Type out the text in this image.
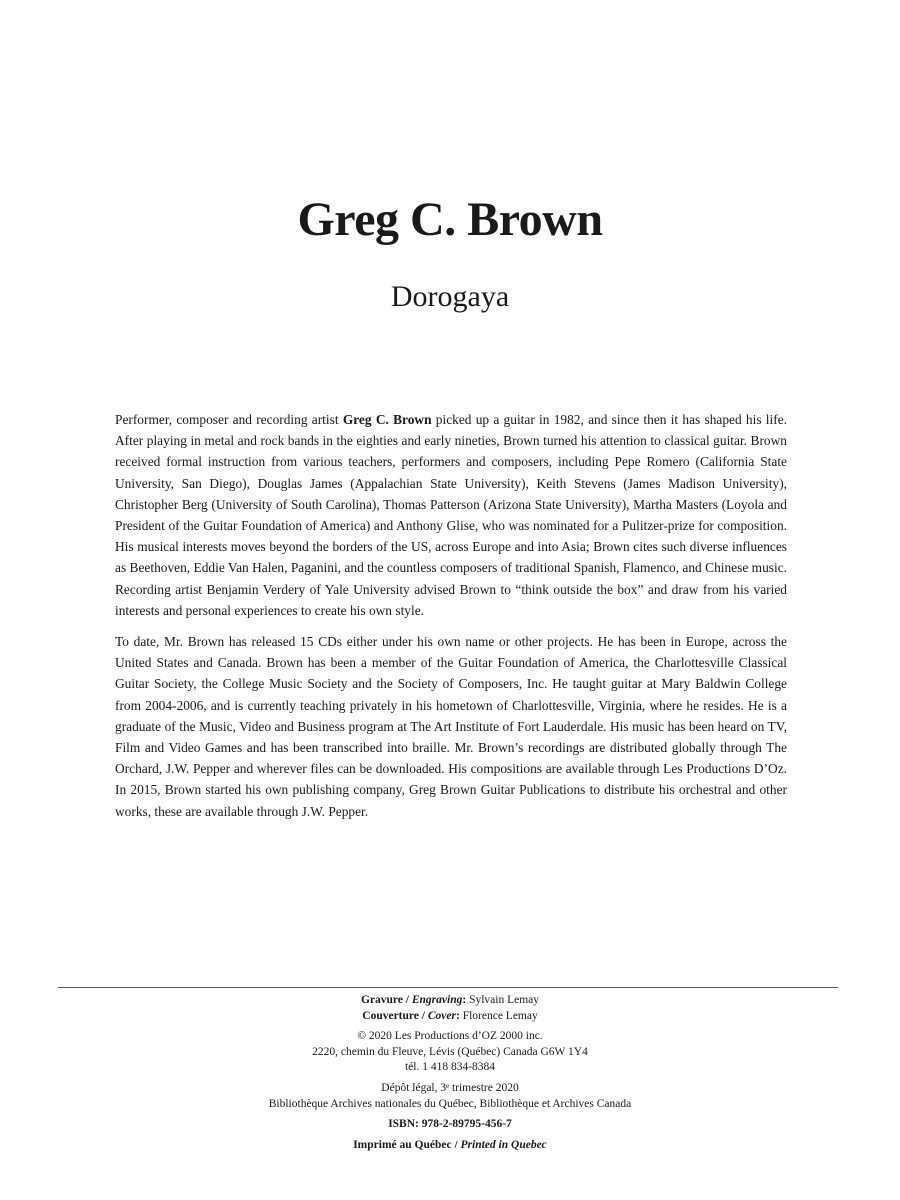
Greg C. Brown
Dorogaya

Performer, composer and recording artist Greg C. Brown picked up a guitar in 1982, and since then it has shaped his life. After playing in metal and rock bands in the eighties and early nineties, Brown turned his attention to classical guitar. Brown received formal instruction from various teachers, performers and composers, including Pepe Romero (California State University, San Diego), Douglas James (Appalachian State University), Keith Stevens (James Madison University), Christopher Berg (University of South Carolina), Thomas Patterson (Arizona State University), Martha Masters (Loyola and President of the Guitar Foundation of America) and Anthony Glise, who was nominated for a Pulitzer-prize for composition. His musical interests moves beyond the borders of the US, across Europe and into Asia; Brown cites such diverse influences as Beethoven, Eddie Van Halen, Paganini, and the countless composers of traditional Spanish, Flamenco, and Chinese music. Recording artist Benjamin Verdery of Yale University advised Brown to “think outside the box” and draw from his varied interests and personal experiences to create his own style.

To date, Mr. Brown has released 15 CDs either under his own name or other projects. He has been in Europe, across the United States and Canada. Brown has been a member of the Guitar Foundation of America, the Charlottesville Classical Guitar Society, the College Music Society and the Society of Composers, Inc. He taught guitar at Mary Baldwin College from 2004-2006, and is currently teaching privately in his hometown of Charlottesville, Virginia, where he resides. He is a graduate of the Music, Video and Business program at The Art Institute of Fort Lauderdale. His music has been heard on TV, Film and Video Games and has been transcribed into braille. Mr. Brown’s recordings are distributed globally through The Orchard, J.W. Pepper and wherever files can be downloaded. His compositions are available through Les Productions D’Oz. In 2015, Brown started his own publishing company, Greg Brown Guitar Publications to distribute his orchestral and other works, these are available through J.W. Pepper.

Gravure / Engraving: Sylvain Lemay
Couverture / Cover: Florence Lemay
© 2020 Les Productions d’OZ 2000 inc.
2220, chemin du Fleuve, Lévis (Québec) Canada G6W 1Y4
tél. 1 418 834-8384
Dépôt légal, 3ᵉ trimestre 2020
Bibliothèque Archives nationales du Québec, Bibliothèque et Archives Canada
ISBN: 978-2-89795-456-7
Imprimé au Québec / Printed in Quebec
